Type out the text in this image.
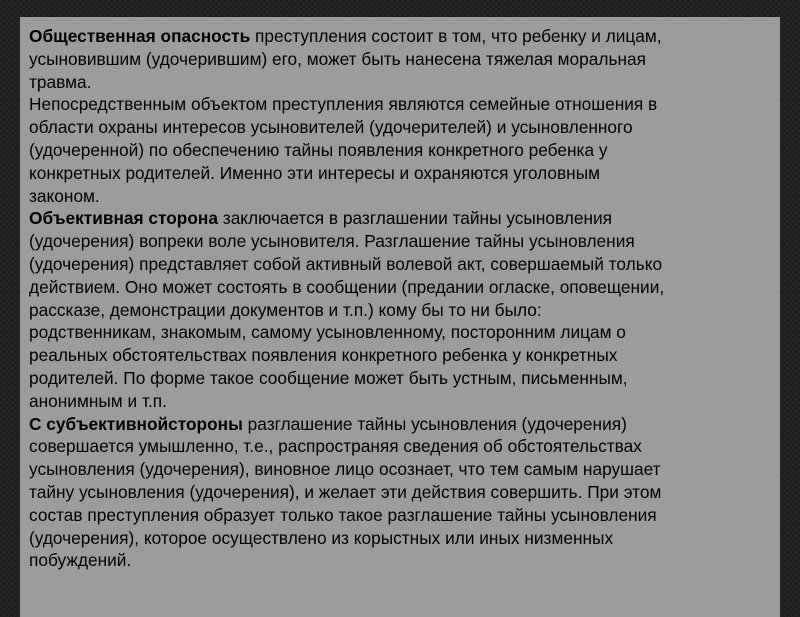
Общественная опасность преступления состоит в том, что ребенку и лицам,
усыновившим (удочерившим) его, может быть нанесена тяжелая моральная
травма.
Непосредственным объектом преступления являются семейные отношения в
области охраны интересов усыновителей (удочерителей) и усыновленного
(удочеренной) по обеспечению тайны появления конкретного ребенка у
конкретных родителей. Именно эти интересы и охраняются уголовным
законом.
Объективная сторона заключается в разглашении тайны усыновления
(удочерения) вопреки воле усыновителя. Разглашение тайны усыновления
(удочерения) представляет собой активный волевой акт, совершаемый только
действием. Оно может состоять в сообщении (предании огласке, оповещении,
рассказе, демонстрации документов и т.п.) кому бы то ни было:
родственникам, знакомым, самому усыновленному, посторонним лицам о
реальных обстоятельствах появления конкретного ребенка у конкретных
родителей. По форме такое сообщение может быть устным, письменным,
анонимным и т.п.
С субъективнойстороны разглашение тайны усыновления (удочерения)
совершается умышленно, т.е., распространяя сведения об обстоятельствах
усыновления (удочерения), виновное лицо осознает, что тем самым нарушает
тайну усыновления (удочерения), и желает эти действия совершить. При этом
состав преступления образует только такое разглашение тайны усыновления
(удочерения), которое осуществлено из корыстных или иных низменных
побуждений.
